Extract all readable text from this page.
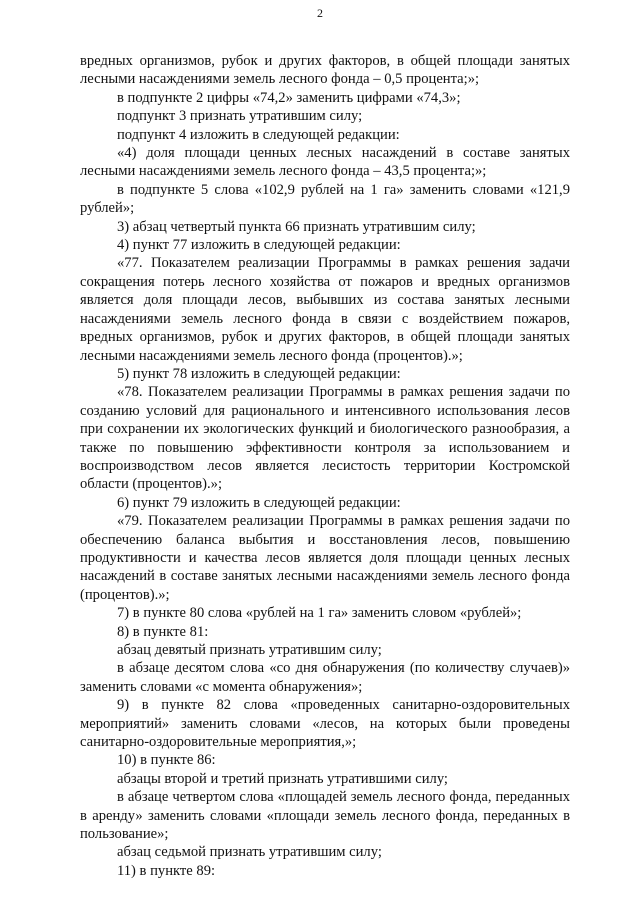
2

вредных организмов, рубок и других факторов, в общей площади занятых лесными насаждениями земель лесного фонда – 0,5 процента;»;

в подпункте 2 цифры «74,2» заменить цифрами «74,3»;

подпункт 3 признать утратившим силу;

подпункт 4 изложить в следующей редакции:

«4) доля площади ценных лесных насаждений в составе занятых лесными насаждениями земель лесного фонда – 43,5 процента;»;

в подпункте 5 слова «102,9 рублей на 1 га» заменить словами «121,9 рублей»;

3) абзац четвертый пункта 66 признать утратившим силу;

4) пункт 77 изложить в следующей редакции:

«77. Показателем реализации Программы в рамках решения задачи сокращения потерь лесного хозяйства от пожаров и вредных организмов является доля площади лесов, выбывших из состава занятых лесными насаждениями земель лесного фонда в связи с воздействием пожаров, вредных организмов, рубок и других факторов, в общей площади занятых лесными насаждениями земель лесного фонда (процентов).»;

5) пункт 78 изложить в следующей редакции:

«78. Показателем реализации Программы в рамках решения задачи по созданию условий для рационального и интенсивного использования лесов при сохранении их экологических функций и биологического разнообразия, а также по повышению эффективности контроля за использованием и воспроизводством лесов является лесистость территории Костромской области (процентов).»;

6) пункт 79 изложить в следующей редакции:

«79. Показателем реализации Программы в рамках решения задачи по обеспечению баланса выбытия и восстановления лесов, повышению продуктивности и качества лесов является доля площади ценных лесных насаждений в составе занятых лесными насаждениями земель лесного фонда (процентов).»;

7) в пункте 80 слова «рублей на 1 га» заменить словом «рублей»;

8) в пункте 81:

абзац девятый признать утратившим силу;

в абзаце десятом слова «со дня обнаружения (по количеству случаев)» заменить словами «с момента обнаружения»;

9) в пункте 82 слова «проведенных санитарно-оздоровительных мероприятий» заменить словами «лесов, на которых были проведены санитарно-оздоровительные мероприятия,»;

10) в пункте 86:

абзацы второй и третий признать утратившими силу;

в абзаце четвертом слова «площадей земель лесного фонда, переданных в аренду» заменить словами «площади земель лесного фонда, переданных в пользование»;

абзац седьмой признать утратившим силу;

11) в пункте 89:
